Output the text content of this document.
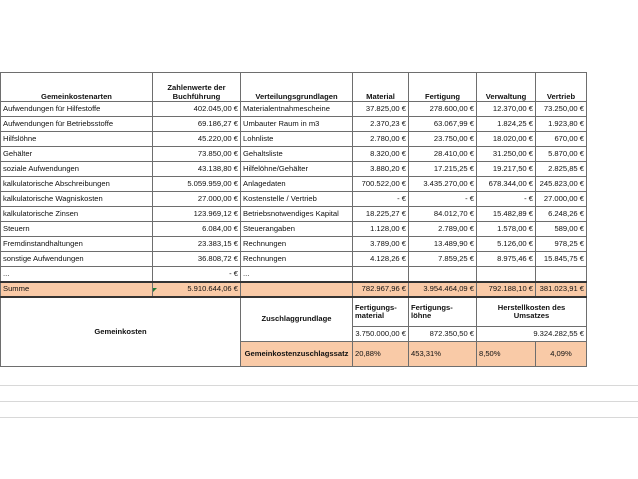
Gemeinkostenarten	Zahlenwerte der Buchführung	Verteilungsgrundlagen	Material	Fertigung	Verwaltung	Vertrieb
Aufwendungen für Hilfestoffe	402.045,00 €	Materialentnahmescheine	37.825,00 €	278.600,00 €	12.370,00 €	73.250,00 €
Aufwendungen für Betriebsstoffe	69.186,27 €	Umbauter Raum in m3	2.370,23 €	63.067,99 €	1.824,25 €	1.923,80 €
Hilfslöhne	45.220,00 €	Lohnliste	2.780,00 €	23.750,00 €	18.020,00 €	670,00 €
Gehälter	73.850,00 €	Gehaltsliste	8.320,00 €	28.410,00 €	31.250,00 €	5.870,00 €
soziale Aufwendungen	43.138,80 €	Hilfelöhne/Gehälter	3.880,20 €	17.215,25 €	19.217,50 €	2.825,85 €
kalkulatorische Abschreibungen	5.059.959,00 €	Anlagedaten	700.522,00 €	3.435.270,00 €	678.344,00 €	245.823,00 €
kalkulatorische Wagniskosten	27.000,00 €	Kostenstelle / Vertrieb	- €	- €	- €	27.000,00 €
kalkulatorische Zinsen	123.969,12 €	Betriebsnotwendiges Kapital	18.225,27 €	84.012,70 €	15.482,89 €	6.248,26 €
Steuern	6.084,00 €	Steuerangaben	1.128,00 €	2.789,00 €	1.578,00 €	589,00 €
Fremdinstandhaltungen	23.383,15 €	Rechnungen	3.789,00 €	13.489,90 €	5.126,00 €	978,25 €
sonstige Aufwendungen	36.808,72 €	Rechnungen	4.128,26 €	7.859,25 €	8.975,46 €	15.845,75 €
...	- €	...				
Summe	5.910.644,06 €		782.967,96 €	3.954.464,09 €	792.188,10 €	381.023,91 €
Gemeinkosten		Zuschlaggrundlage	Fertigungs- material	Fertigungs- löhne	Herstellkosten des Umsatzes	
			3.750.000,00 €	872.350,50 €	9.324.282,55 €	
		Gemeinkostenzuschlagssatz	20,88%	453,31%	8,50%	4,09%
